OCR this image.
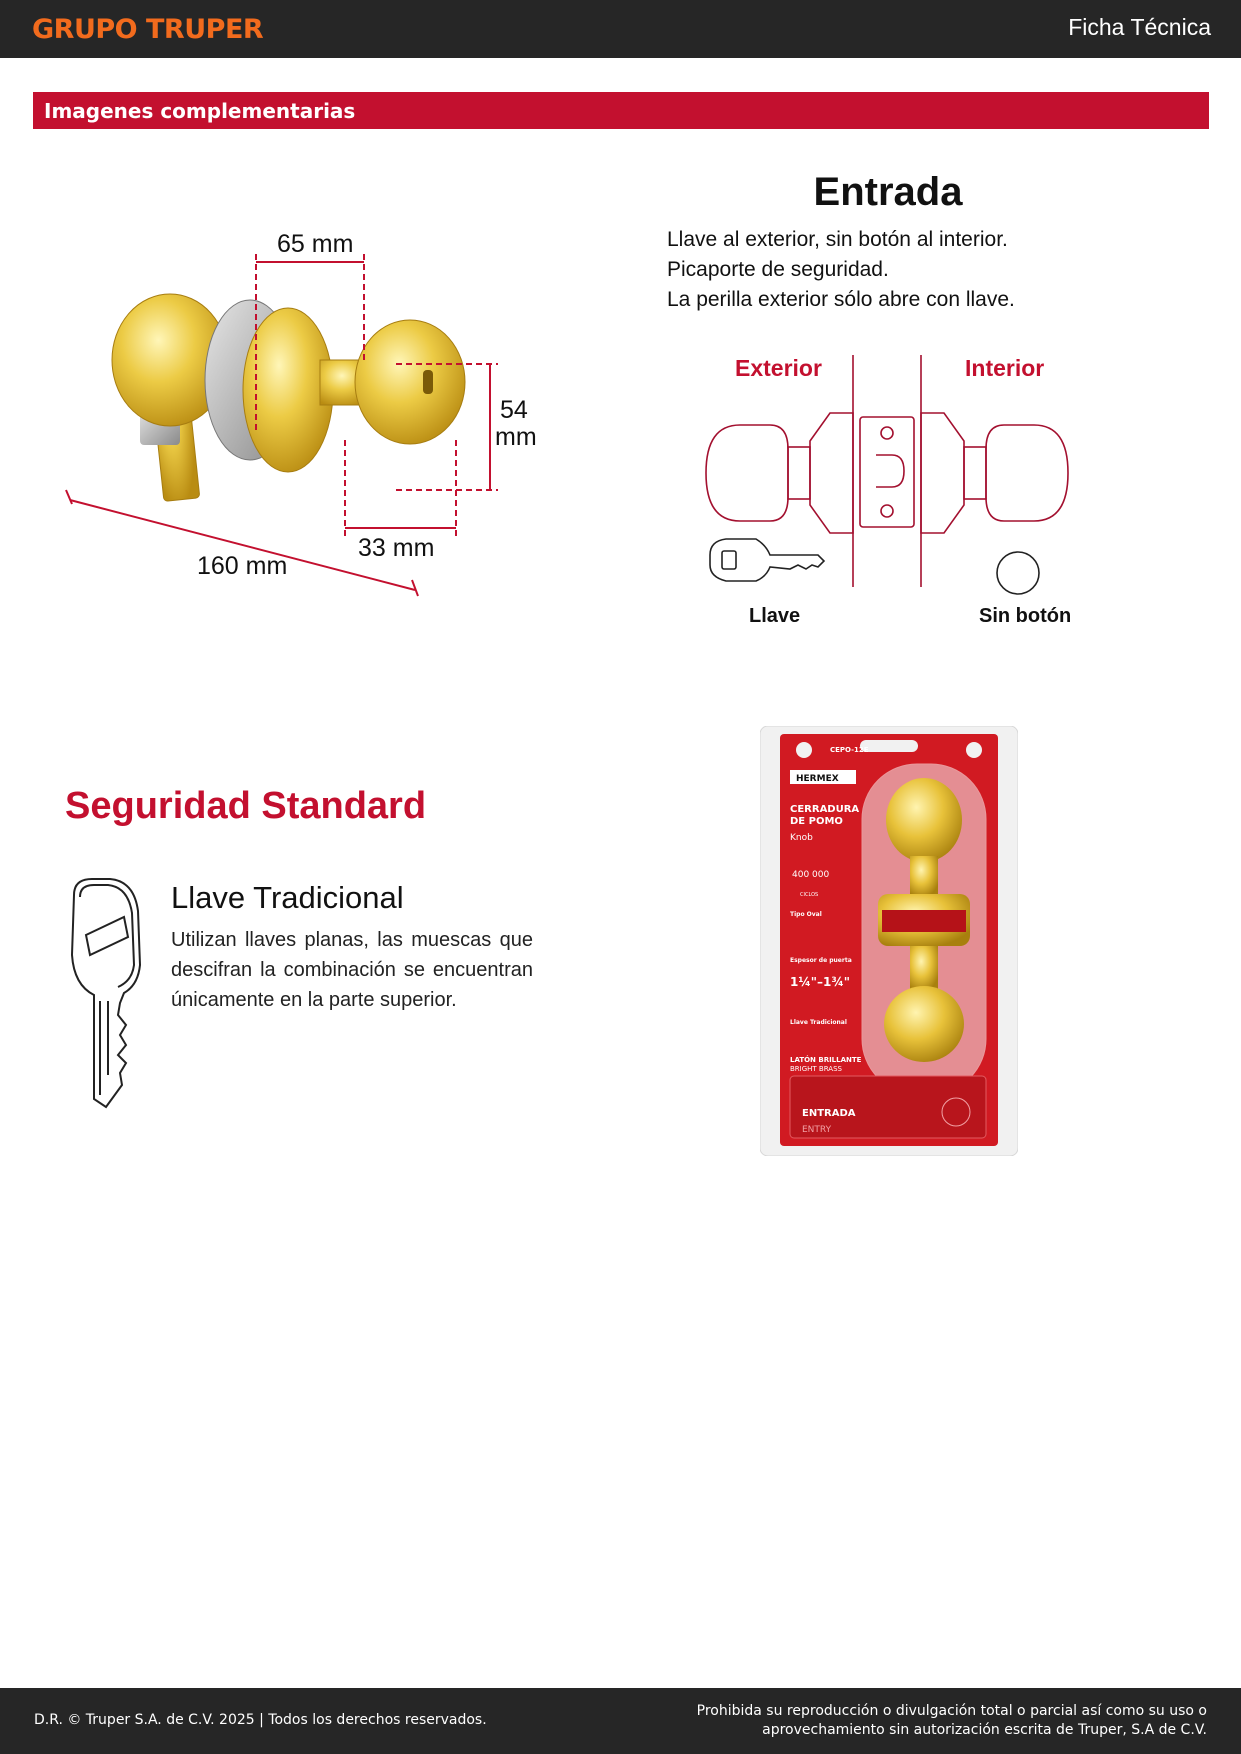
GRUPO TRUPER	Ficha Técnica
Imagenes complementarias
65 mm
54
mm
33 mm
160 mm
Entrada
Llave al exterior, sin botón al interior.
Picaporte de seguridad.
La perilla exterior sólo abre con llave.
Exterior	Interior
Llave	Sin botón
Seguridad Standard
Llave Tradicional
Utilizan llaves planas, las muescas que descifran la combinación se encuentran únicamente en la parte superior.
CEPO-12E
HERMEX
CERRADURA
DE POMO
Knob
400 000
CICLOS
Tipo Oval
Espesor de puerta
1¼"–1¾"
Llave Tradicional
LATÓN BRILLANTE
BRIGHT BRASS
ENTRADA
ENTRY
D.R. © Truper S.A. de C.V. 2025 | Todos los derechos reservados.
Prohibida su reproducción o divulgación total o parcial así como su uso o
aprovechamiento sin autorización escrita de Truper, S.A de C.V.
